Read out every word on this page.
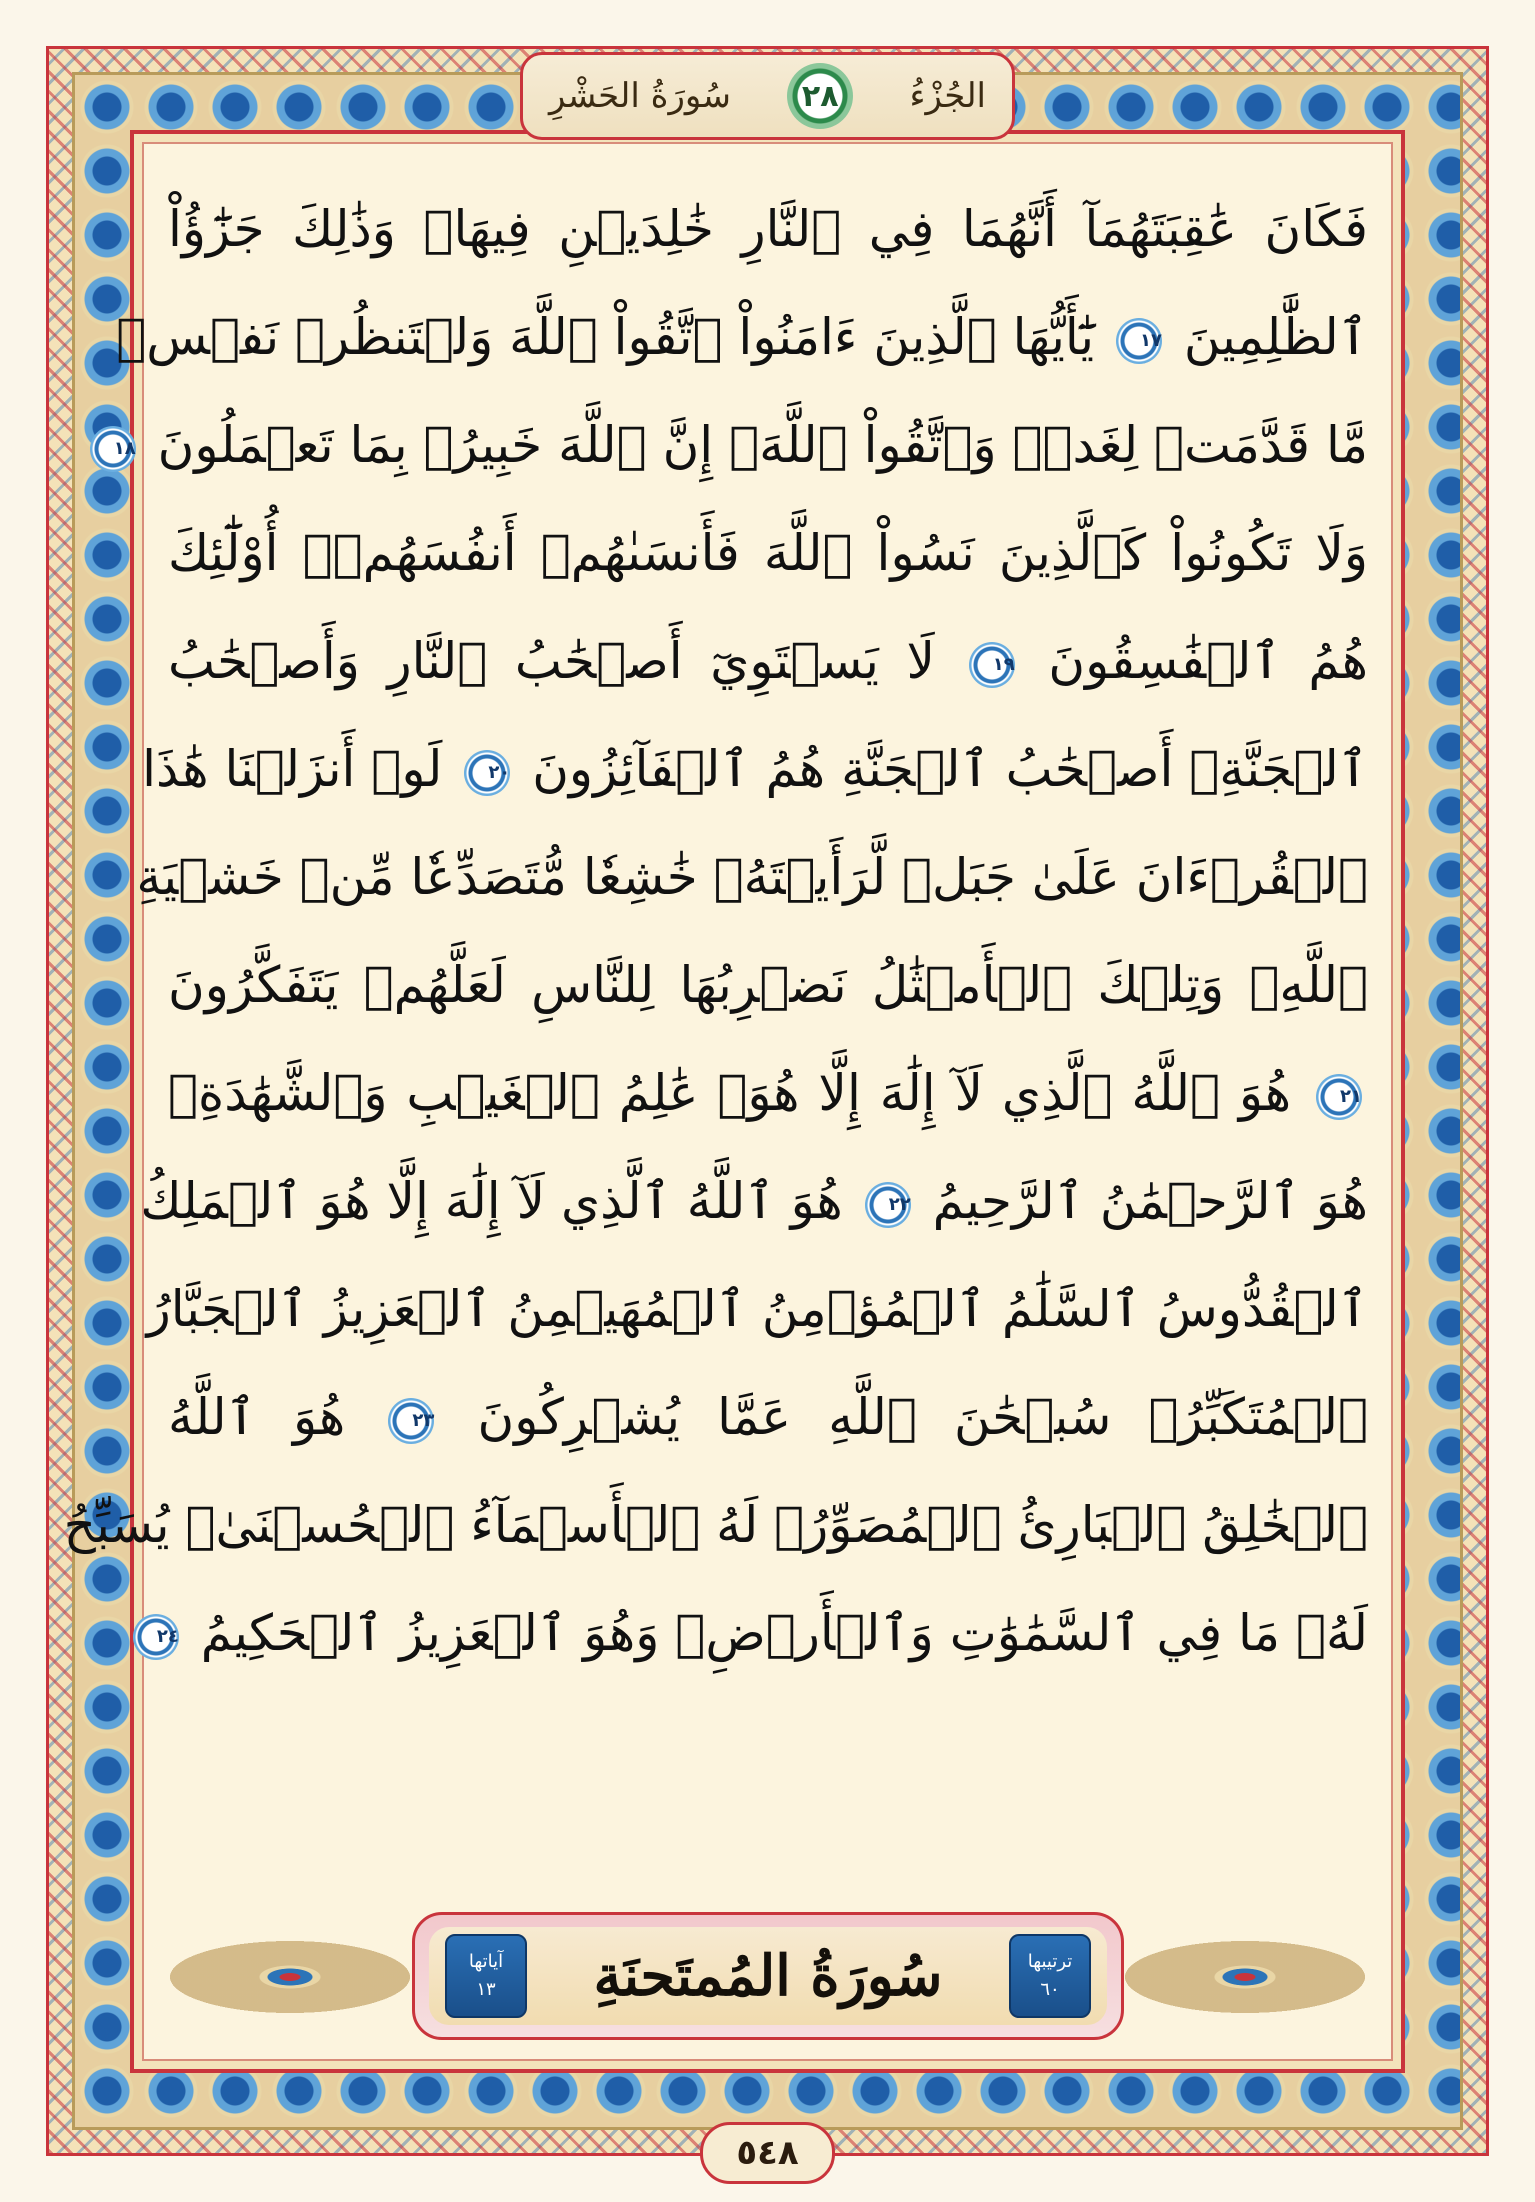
الجُزْءُ
٢٨
سُورَةُ الحَشْرِ
فَكَانَ عَٰقِبَتَهُمَآ أَنَّهُمَا فِي ٱلنَّارِ خَٰلِدَيۡنِ فِيهَاۚ وَذَٰلِكَ جَزَٰٓؤُاْ
ٱلظَّٰلِمِينَ ١٧ يَٰٓأَيُّهَا ٱلَّذِينَ ءَامَنُواْ ٱتَّقُواْ ٱللَّهَ وَلۡتَنظُرۡ نَفۡسٞ
مَّا قَدَّمَتۡ لِغَدٖۖ وَٱتَّقُواْ ٱللَّهَۚ إِنَّ ٱللَّهَ خَبِيرُۢ بِمَا تَعۡمَلُونَ ١٨
وَلَا تَكُونُواْ كَٱلَّذِينَ نَسُواْ ٱللَّهَ فَأَنسَىٰهُمۡ أَنفُسَهُمۡۚ أُوْلَٰٓئِكَ
هُمُ ٱلۡفَٰسِقُونَ ١٩ لَا يَسۡتَوِيٓ أَصۡحَٰبُ ٱلنَّارِ وَأَصۡحَٰبُ
ٱلۡجَنَّةِۚ أَصۡحَٰبُ ٱلۡجَنَّةِ هُمُ ٱلۡفَآئِزُونَ ٢٠ لَوۡ أَنزَلۡنَا هَٰذَا
ٱلۡقُرۡءَانَ عَلَىٰ جَبَلٖ لَّرَأَيۡتَهُۥ خَٰشِعٗا مُّتَصَدِّعٗا مِّنۡ خَشۡيَةِ
ٱللَّهِۚ وَتِلۡكَ ٱلۡأَمۡثَٰلُ نَضۡرِبُهَا لِلنَّاسِ لَعَلَّهُمۡ يَتَفَكَّرُونَ
٢١ هُوَ ٱللَّهُ ٱلَّذِي لَآ إِلَٰهَ إِلَّا هُوَۖ عَٰلِمُ ٱلۡغَيۡبِ وَٱلشَّهَٰدَةِۖ
هُوَ ٱلرَّحۡمَٰنُ ٱلرَّحِيمُ ٢٢ هُوَ ٱللَّهُ ٱلَّذِي لَآ إِلَٰهَ إِلَّا هُوَ ٱلۡمَلِكُ
ٱلۡقُدُّوسُ ٱلسَّلَٰمُ ٱلۡمُؤۡمِنُ ٱلۡمُهَيۡمِنُ ٱلۡعَزِيزُ ٱلۡجَبَّارُ
ٱلۡمُتَكَبِّرُۚ سُبۡحَٰنَ ٱللَّهِ عَمَّا يُشۡرِكُونَ ٢٣ هُوَ ٱللَّهُ
ٱلۡخَٰلِقُ ٱلۡبَارِئُ ٱلۡمُصَوِّرُۖ لَهُ ٱلۡأَسۡمَآءُ ٱلۡحُسۡنَىٰۚ يُسَبِّحُ
لَهُۥ مَا فِي ٱلسَّمَٰوَٰتِ وَٱلۡأَرۡضِۖ وَهُوَ ٱلۡعَزِيزُ ٱلۡحَكِيمُ ٢٤
ترتيبها
٦٠
سُورَةُ المُمتَحنَةِ
آياتها
١٣
٥٤٨
